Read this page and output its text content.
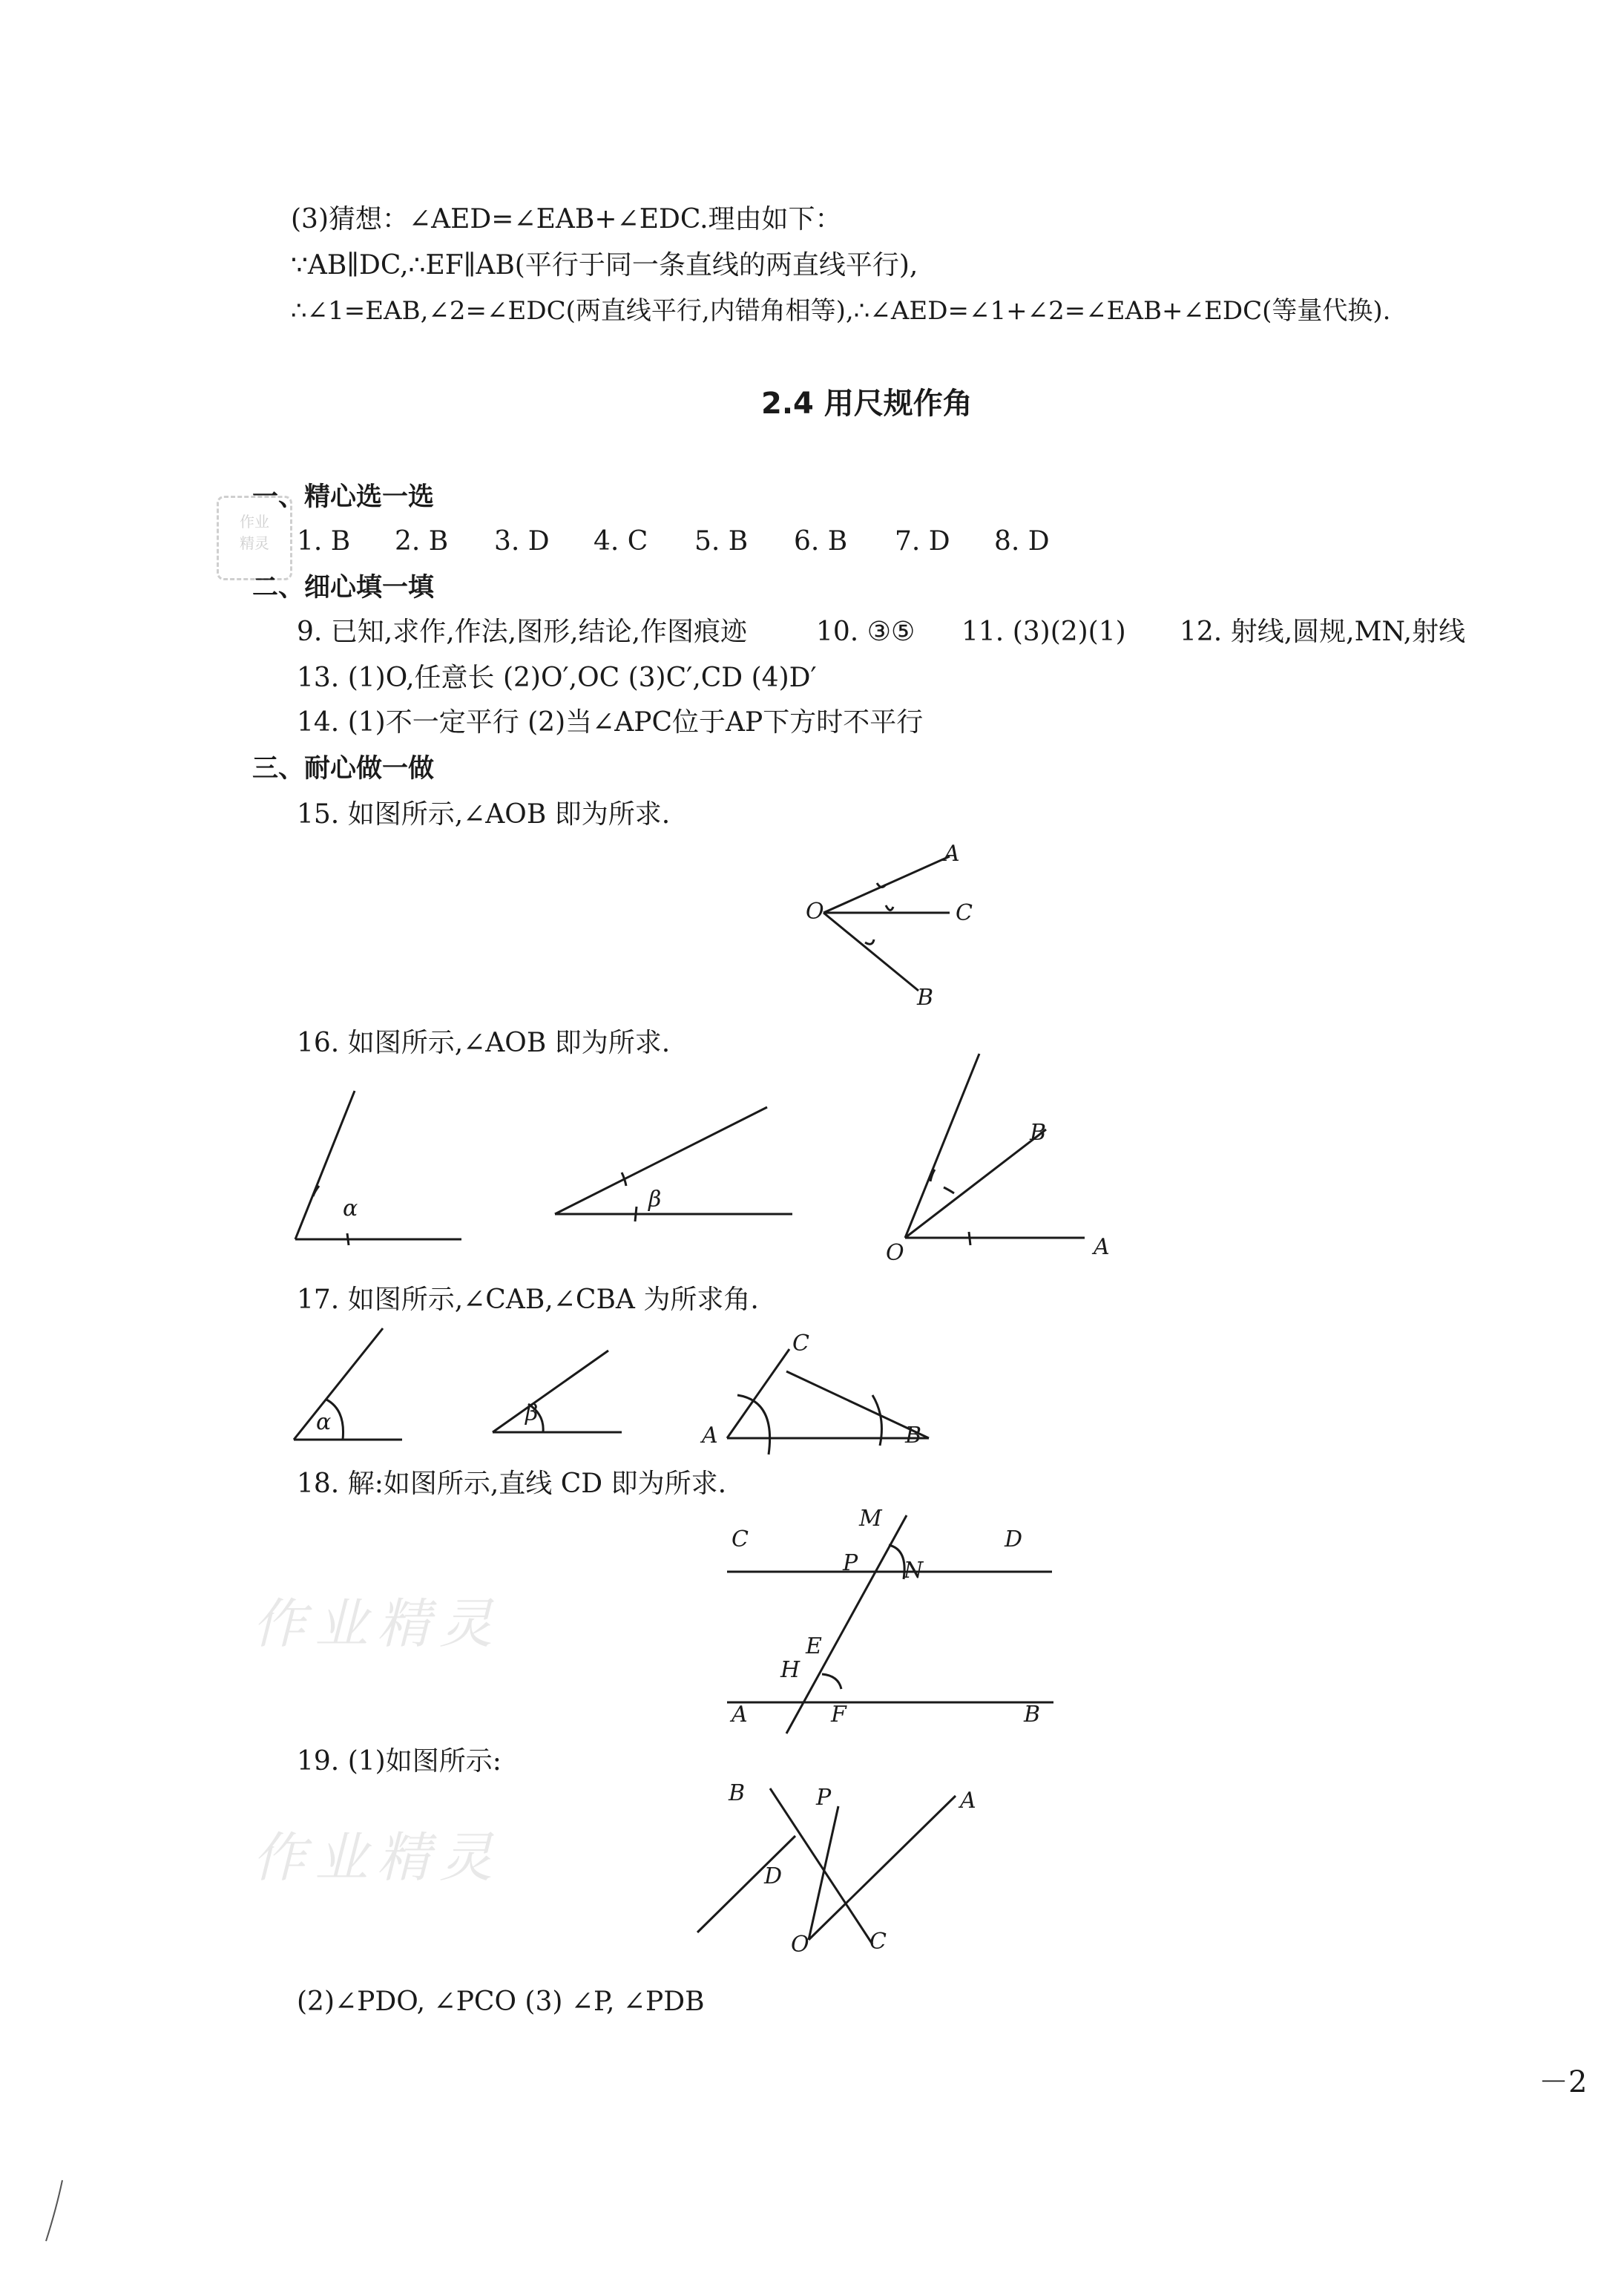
作业
精灵
作业精灵
作业精灵
(3)猜想：∠AED=∠EAB+∠EDC.理由如下：
∵AB∥DC,∴EF∥AB(平行于同一条直线的两直线平行),
∴∠1=EAB,∠2=∠EDC(两直线平行,内错角相等),∴∠AED=∠1+∠2=∠EAB+∠EDC(等量代换).
2.4 用尺规作角
一、精心选一选
1. B 2. B 3. D 4. C 5. B 6. B 7. D 8. D
二、细心填一填
9. 已知,求作,作法,图形,结论,作图痕迹	10. ③⑤ 11. (3)(2)(1) 12. 射线,圆规,MN,射线
13. (1)O,任意长 (2)O′,OC (3)C′,CD (4)D′
14. (1)不一定平行 (2)当∠APC位于AP下方时不平行
三、耐心做一做
15. 如图所示,∠AOB 即为所求.
A
O	C
B
16. 如图所示,∠AOB 即为所求.
α	β
B
O	A
17. 如图所示,∠CAB,∠CBA 为所求角.
α	β
C
A	B
18. 解:如图所示,直线 CD 即为所求.
M
C	D
P N
E
H
A	F	B
19. (1)如图所示:
B	P	A
D
O	C
(2)∠PDO, ∠PCO (3) ∠P, ∠PDB
－2
